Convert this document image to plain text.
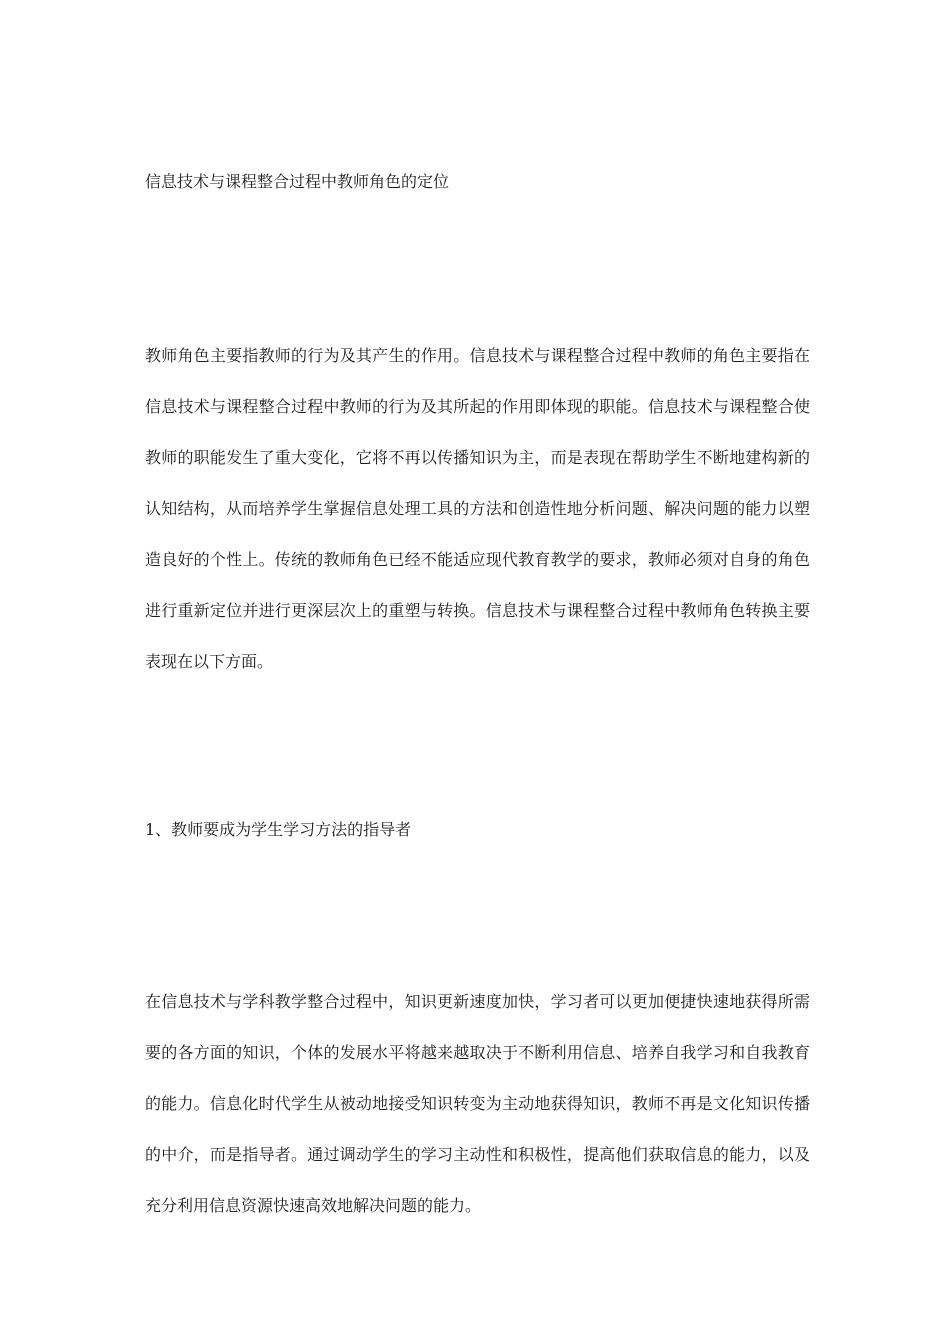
信息技术与课程整合过程中教师角色的定位
教师角色主要指教师的行为及其产生的作用。信息技术与课程整合过程中教师的角色主要指在信息技术与课程整合过程中教师的行为及其所起的作用即体现的职能。信息技术与课程整合使教师的职能发生了重大变化，它将不再以传播知识为主，而是表现在帮助学生不断地建构新的认知结构，从而培养学生掌握信息处理工具的方法和创造性地分析问题、解决问题的能力以塑造良好的个性上。传统的教师角色已经不能适应现代教育教学的要求，教师必须对自身的角色进行重新定位并进行更深层次上的重塑与转换。信息技术与课程整合过程中教师角色转换主要表现在以下方面。
1、教师要成为学生学习方法的指导者
在信息技术与学科教学整合过程中，知识更新速度加快，学习者可以更加便捷快速地获得所需要的各方面的知识，个体的发展水平将越来越取决于不断利用信息、培养自我学习和自我教育的能力。信息化时代学生从被动地接受知识转变为主动地获得知识，教师不再是文化知识传播的中介，而是指导者。通过调动学生的学习主动性和积极性，提高他们获取信息的能力，以及充分利用信息资源快速高效地解决问题的能力。
